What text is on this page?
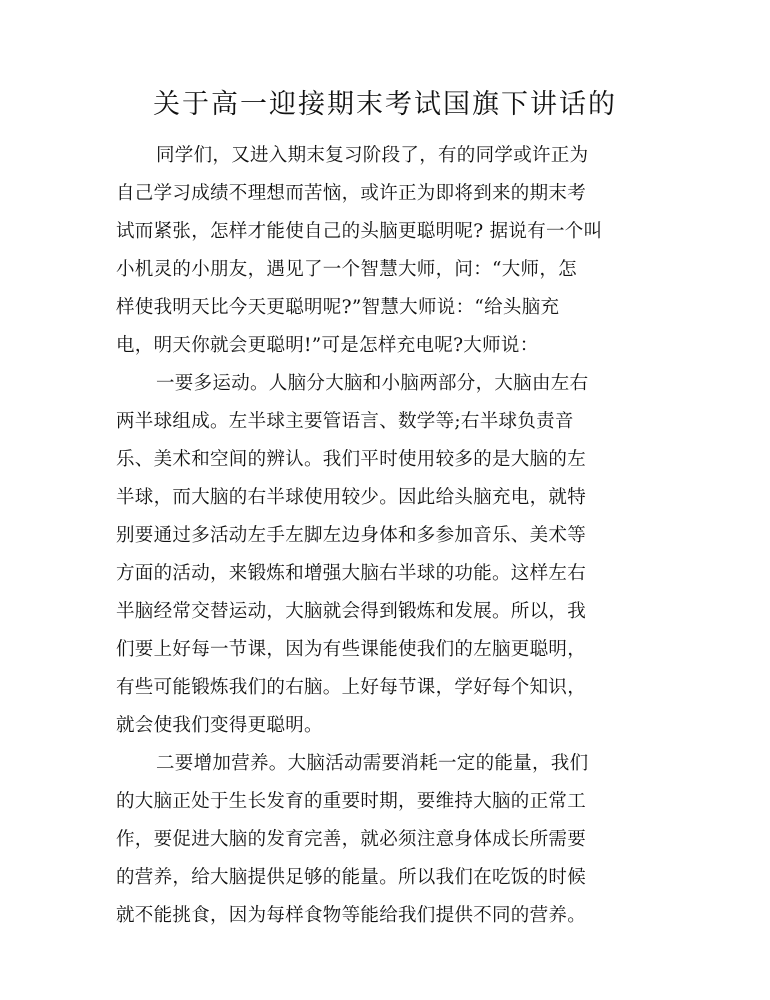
关于高一迎接期末考试国旗下讲话的
同学们，又进入期末复习阶段了，有的同学或许正为
自己学习成绩不理想而苦恼，或许正为即将到来的期末考
试而紧张，怎样才能使自己的头脑更聪明呢? 据说有一个叫
小机灵的小朋友，遇见了一个智慧大师，问：“大师，怎
样使我明天比今天更聪明呢?”智慧大师说：“给头脑充
电，明天你就会更聪明!”可是怎样充电呢?大师说：
一要多运动。人脑分大脑和小脑两部分，大脑由左右
两半球组成。左半球主要管语言、数学等;右半球负责音
乐、美术和空间的辨认。我们平时使用较多的是大脑的左
半球，而大脑的右半球使用较少。因此给头脑充电，就特
别要通过多活动左手左脚左边身体和多参加音乐、美术等
方面的活动，来锻炼和增强大脑右半球的功能。这样左右
半脑经常交替运动，大脑就会得到锻炼和发展。所以，我
们要上好每一节课，因为有些课能使我们的左脑更聪明，
有些可能锻炼我们的右脑。上好每节课，学好每个知识，
就会使我们变得更聪明。
二要增加营养。大脑活动需要消耗一定的能量，我们
的大脑正处于生长发育的重要时期，要维持大脑的正常工
作，要促进大脑的发育完善，就必须注意身体成长所需要
的营养，给大脑提供足够的能量。所以我们在吃饭的时候
就不能挑食，因为每样食物等能给我们提供不同的营养。
